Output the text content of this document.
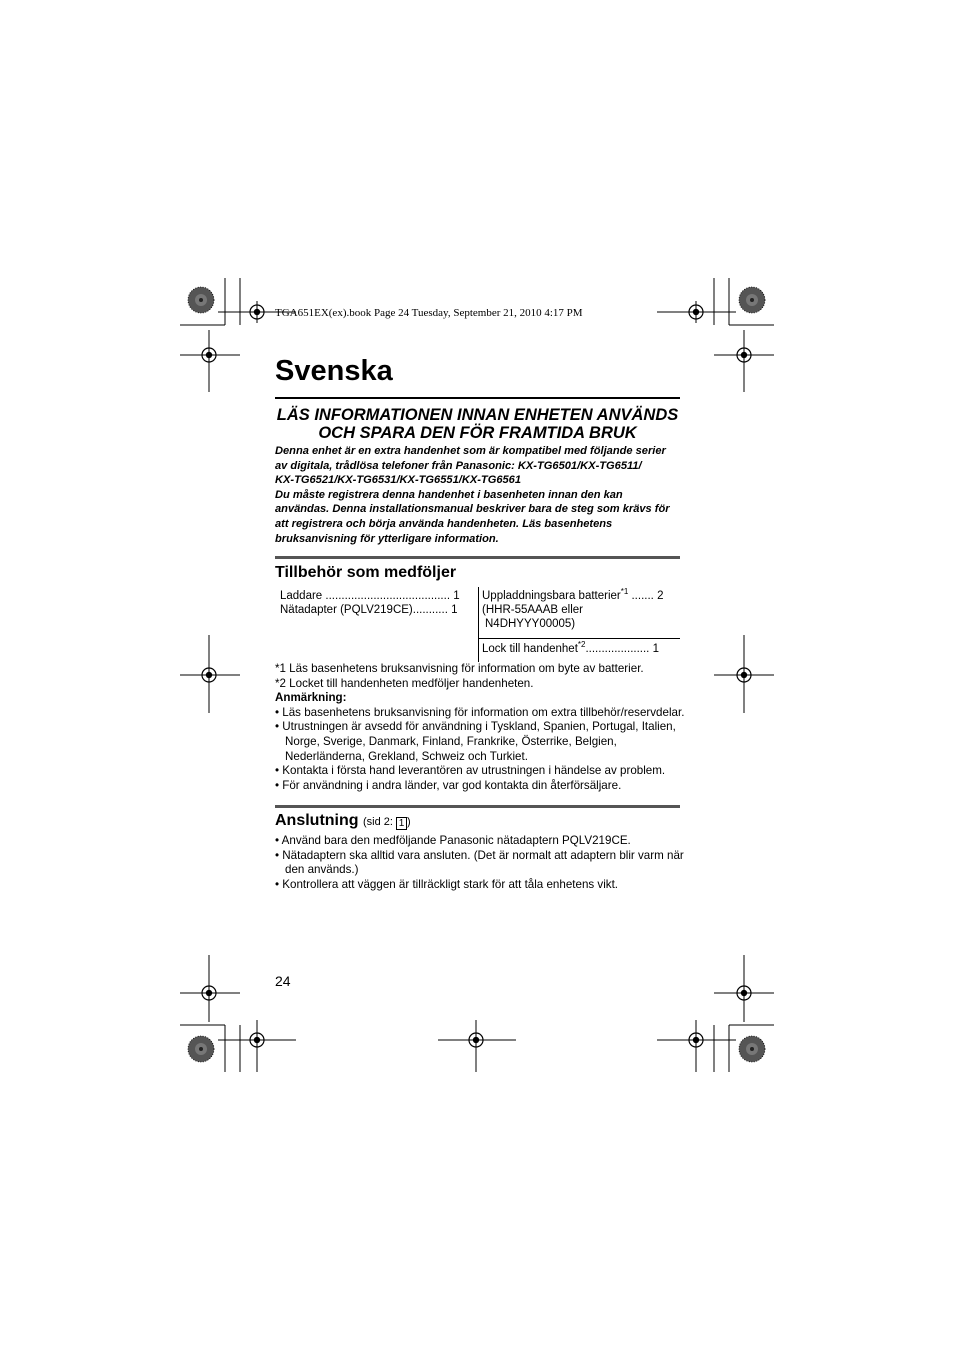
TGA651EX(ex).book Page 24 Tuesday, September 21, 2010 4:17 PM
Svenska
LÄS INFORMATIONEN INNAN ENHETEN ANVÄNDS
OCH SPARA DEN FÖR FRAMTIDA BRUK

Denna enhet är en extra handenhet som är kompatibel med följande serier

av digitala, trådlösa telefoner från Panasonic: KX-TG6501/KX-TG6511/

KX-TG6521/KX-TG6531/KX-TG6551/KX-TG6561

Du måste registrera denna handenhet i basenheten innan den kan

användas. Denna installationsmanual beskriver bara de steg som krävs för

att registrera och börja använda handenheten. Läs basenhetens

bruksanvisning för ytterligare information.

Tillbehör som medföljer
Laddare ....................................... 1
Nätadapter (PQLV219CE)........... 1
Uppladdningsbara batterier$^{*1}$ ....... 2
(HHR-55AAAB eller
N4DHYYY00005)
Lock till handenhet$^{*2}$.................... 1

*1 Läs basenhetens bruksanvisning för information om byte av batterier.

*2 Locket till handenheten medföljer handenheten.

Anmärkning:

• Läs basenhetens bruksanvisning för information om extra tillbehör/reservdelar.

• Utrustningen är avsedd för användning i Tyskland, Spanien, Portugal, Italien, Norge, Sverige, Danmark, Finland, Frankrike, Österrike, Belgien, Nederländerna, Grekland, Schweiz och Turkiet.

• Kontakta i första hand leverantören av utrustningen i händelse av problem.

• För användning i andra länder, var god kontakta din återförsäljare.

Anslutning (sid 2: 1 )

• Använd bara den medföljande Panasonic nätadaptern PQLV219CE.

• Nätadaptern ska alltid vara ansluten. (Det är normalt att adaptern blir varm när den används.)

• Kontrollera att väggen är tillräckligt stark för att tåla enhetens vikt.

24
